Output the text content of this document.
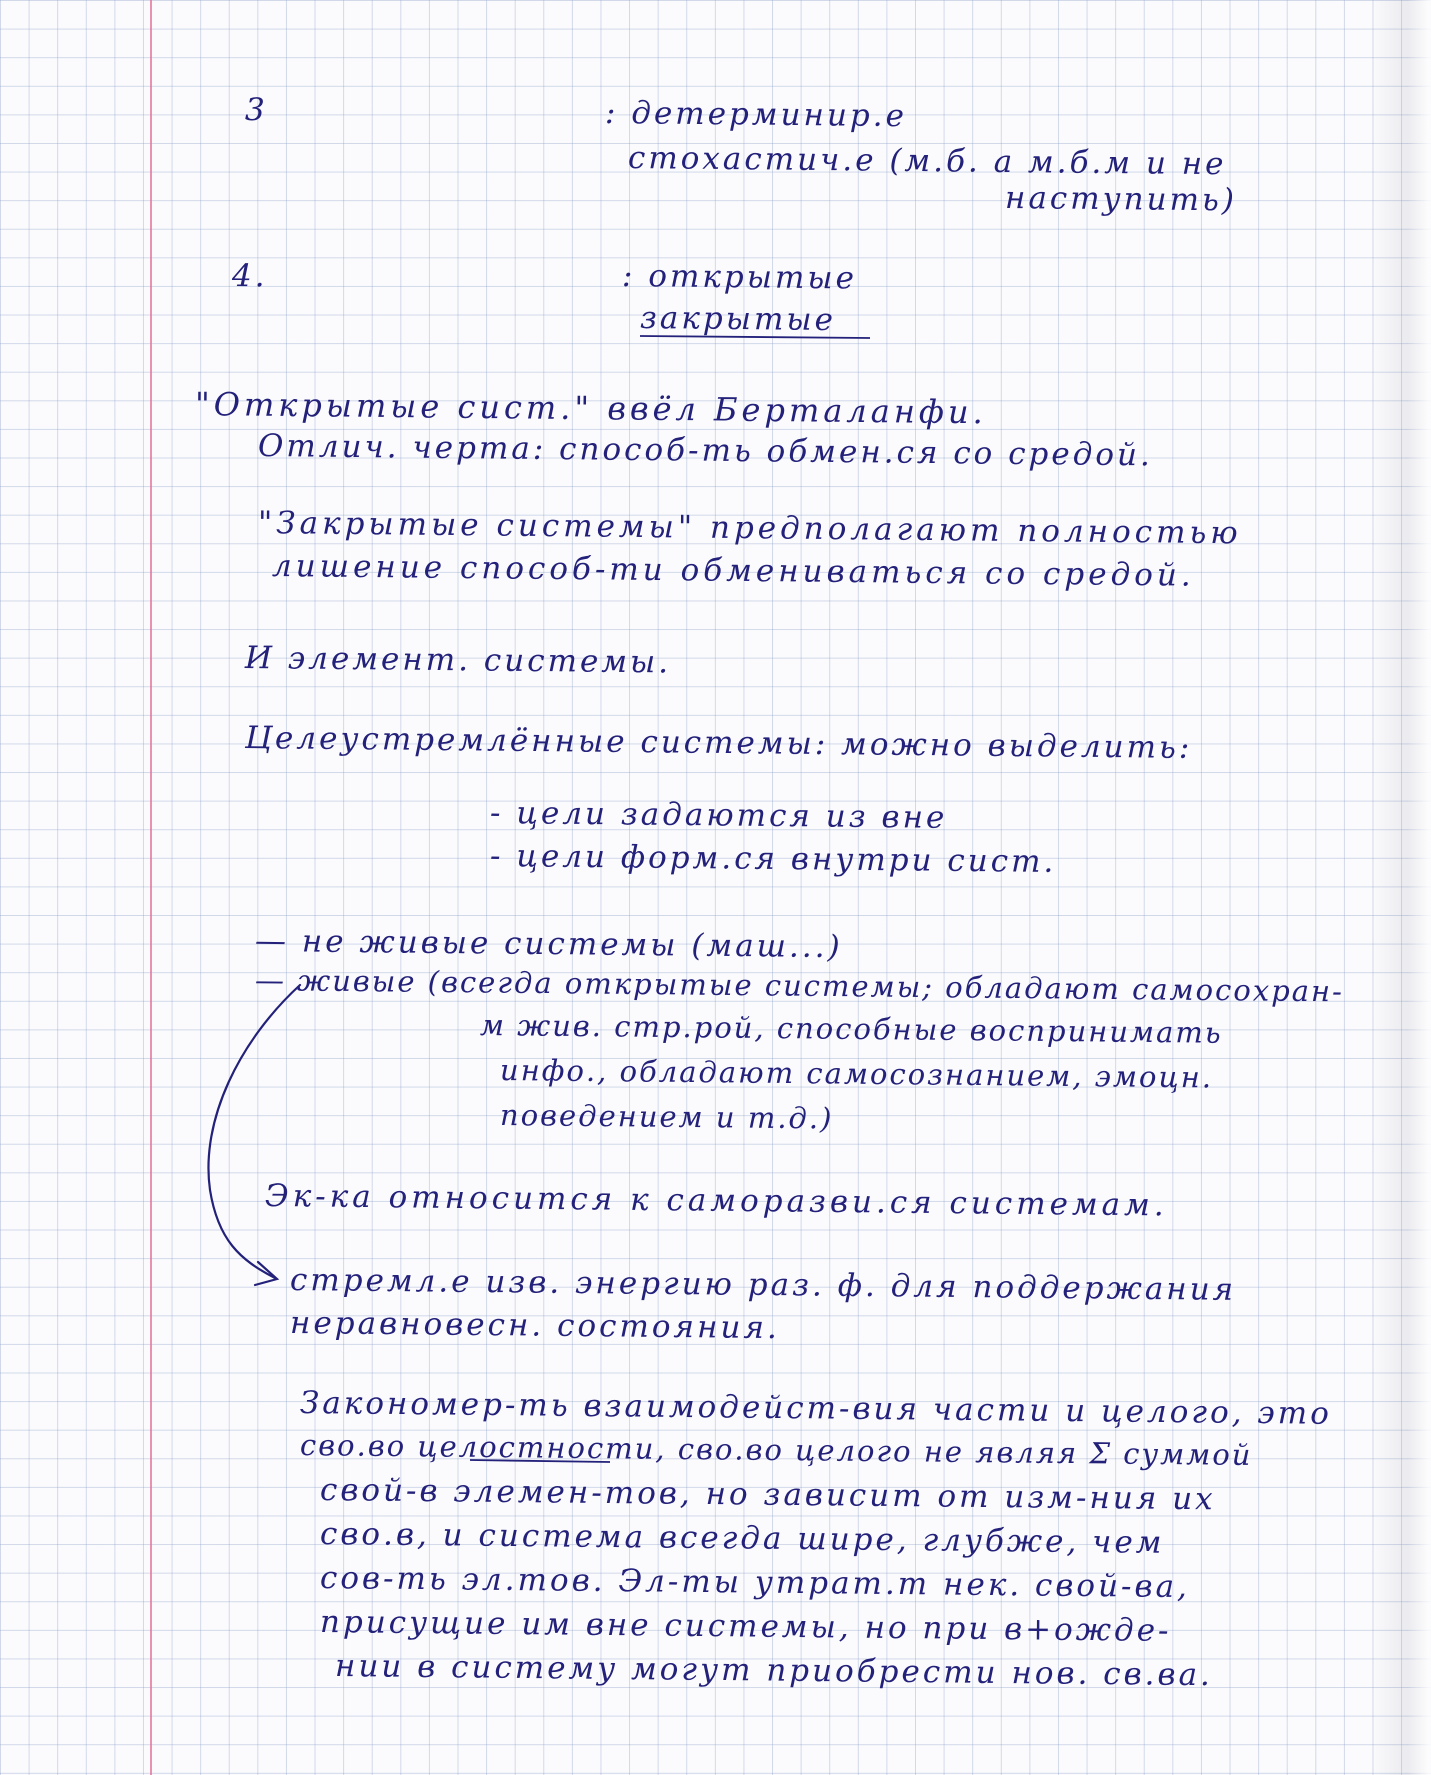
3	: детерминир.е
стохастич.е (м.б. а м.б.м и не
наступить)
4.	: открытые
закрытые
"Открытые сист." ввёл Берталанфи.
Отлич. черта: способ-ть обмен.ся со средой.
"Закрытые системы" предполагают полностью
лишение способ-ти обмениваться со средой.
И элемент. системы.
Целеустремлённые системы: можно выделить:
- цели задаются из вне
- цели форм.ся внутри сист.
— не живые системы (маш...)
— живые (всегда открытые системы; обладают самосохран-
м жив. стр.рой, способные воспринимать
инфо., обладают самосознанием, эмоцн.
поведением и т.д.)
Эк-ка относится к саморазви.ся системам.
стремл.е изв. энергию раз. ф. для поддержания
неравновесн. состояния.
Закономер-ть взаимодейст-вия части и целого, это
сво.во целостности, сво.во целого не являя Σ суммой
свой-в элемен-тов, но зависит от изм-ния их
сво.в, и система всегда шире, глубже, чем
сов-ть эл.тов. Эл-ты утрат.т нек. свой-ва,
присущие им вне системы, но при в+ожде-
нии в систему могут приобрести нов. св.ва.
